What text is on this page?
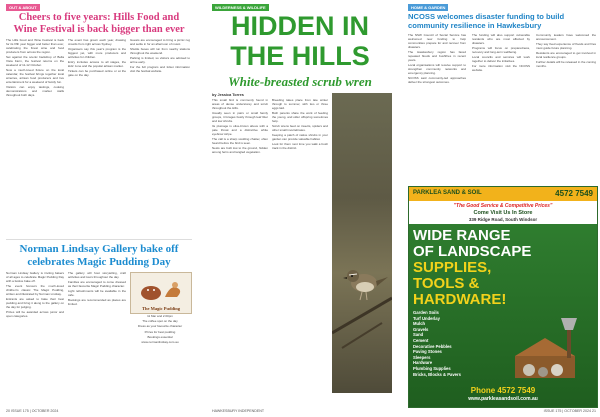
OUT & ABOUT
Cheers to five years: Hills Food and
Wine Festival is back bigger than ever

The Hills Food and Wine Festival is back for its fifth year bigger and better than ever, celebrating the finest wine and food producers from across the region.

Set against the scenic backdrop of Bella Vista Farm, the festival returns on the weekend of 11-12 October.

Now a much-loved fixture on the local calendar, the festival brings together local wineries, artisan food producers and live entertainment for a weekend of family fun.

Visitors can enjoy tastings, cooking demonstrations and market stalls throughout both days.

The event has grown each year, drawing crowds from right across Sydney.

Organisers say this year's program is the biggest yet, with more producers and activities for children.

Entry includes access to all stages, the kids' zone and the popular artisan market.

Tickets can be purchased online or at the gate on the day.

Guests are encouraged to bring a picnic rug and settle in for an afternoon of music.

Shuttle buses will run from nearby stations throughout the weekend.

Parking is limited, so visitors are advised to arrive early.

For the full program and ticket information visit the festival website.

Norman Lindsay Gallery bake off
celebrates Magic Pudding Day

Norman Lindsay Gallery is inviting bakers of all ages to celebrate Magic Pudding Day with a festive bake off.

The event honours the much-loved children's classic The Magic Pudding, written and illustrated by Norman Lindsay.

Entrants are asked to bake their best pudding and bring it along to the gallery on the day for judging.

Prizes will be awarded across junior and open categories.

The gallery will host storytelling, craft activities and tours throughout the day.

Families are encouraged to come dressed as their favourite Magic Pudding character.

Light refreshments will be available in the cafe.

Bookings are recommended as places are limited.

The Magic Pudding

11 Mar and 2.00pm

The coffee spot on the day

Dress as your favourite character

Prizes for best pudding

Bookings essential

www.normanlindsay.com.au

20 ISSUE 175 | OCTOBER 2024
WILDERNESS & WILDLIFE
HIDDEN IN
THE HILLS
White-breasted scrub wren
by Jessica Torres

This small bird is commonly found in areas of dense understorey and scrub throughout the Hills.

Usually seen in pairs or small family groups, it forages busily through leaf litter and low shrubs.

Its plumage is olive-brown above with a pale throat and a distinctive white eyebrow stripe.

The call is a sharp scolding chatter, often heard before the bird is seen.

Nests are built low to the ground, hidden among ferns and tangled vegetation.

Breeding takes place from late winter through to summer, with two or three eggs laid.

Both parents share the work of feeding the young, and older offspring sometimes help.

Scrub wrens feed on insects, spiders and other small invertebrates.

Keeping a patch of native shrubs in your garden can provide valuable habitat.

Look for them next time you walk a bush track in the district.

HAWKESBURY INDEPENDENT
HOME & GARDEN
NCOSS welcomes disaster funding to build
community resilience in Hawkesbury

The NSW Council of Social Service has welcomed new funding to help communities prepare for and recover from disasters.

The Hawkesbury region has faced repeated floods and bushfires in recent years.

Local organisations will receive support to strengthen community networks and emergency planning.

NCOSS said community-led approaches deliver the strongest outcomes.

The funding will also support vulnerable residents who are most affected by disasters.

Programs will focus on preparedness, recovery and long-term wellbeing.

Local councils and services will work together to deliver the initiatives.

For more information visit the NCOSS website.

Community leaders have welcomed the announcement.

They say lived experience of floods and fires must guide future planning.

Residents are encouraged to get involved in local resilience groups.

Further details will be released in the coming months.

PARKLEA SAND & SOIL	4572 7549
"The Good Service & Competitive Prices"
Come Visit Us In Store
339 Ridge Road, South Windsor
WIDE RANGE
OF LANDSCAPE
SUPPLIES,
TOOLS &
HARDWARE!
Garden Soils
Turf Underlay
Mulch
Gravels
Sand
Cement
Decorative Pebbles
Paving Stones
Sleepers
Hardware
Plumbing Supplies
Bricks, Blocks & Pavers
Phone 4572 7549
www.parkleasandsoil.com.au
ISSUE 175 | OCTOBER 2024 21
